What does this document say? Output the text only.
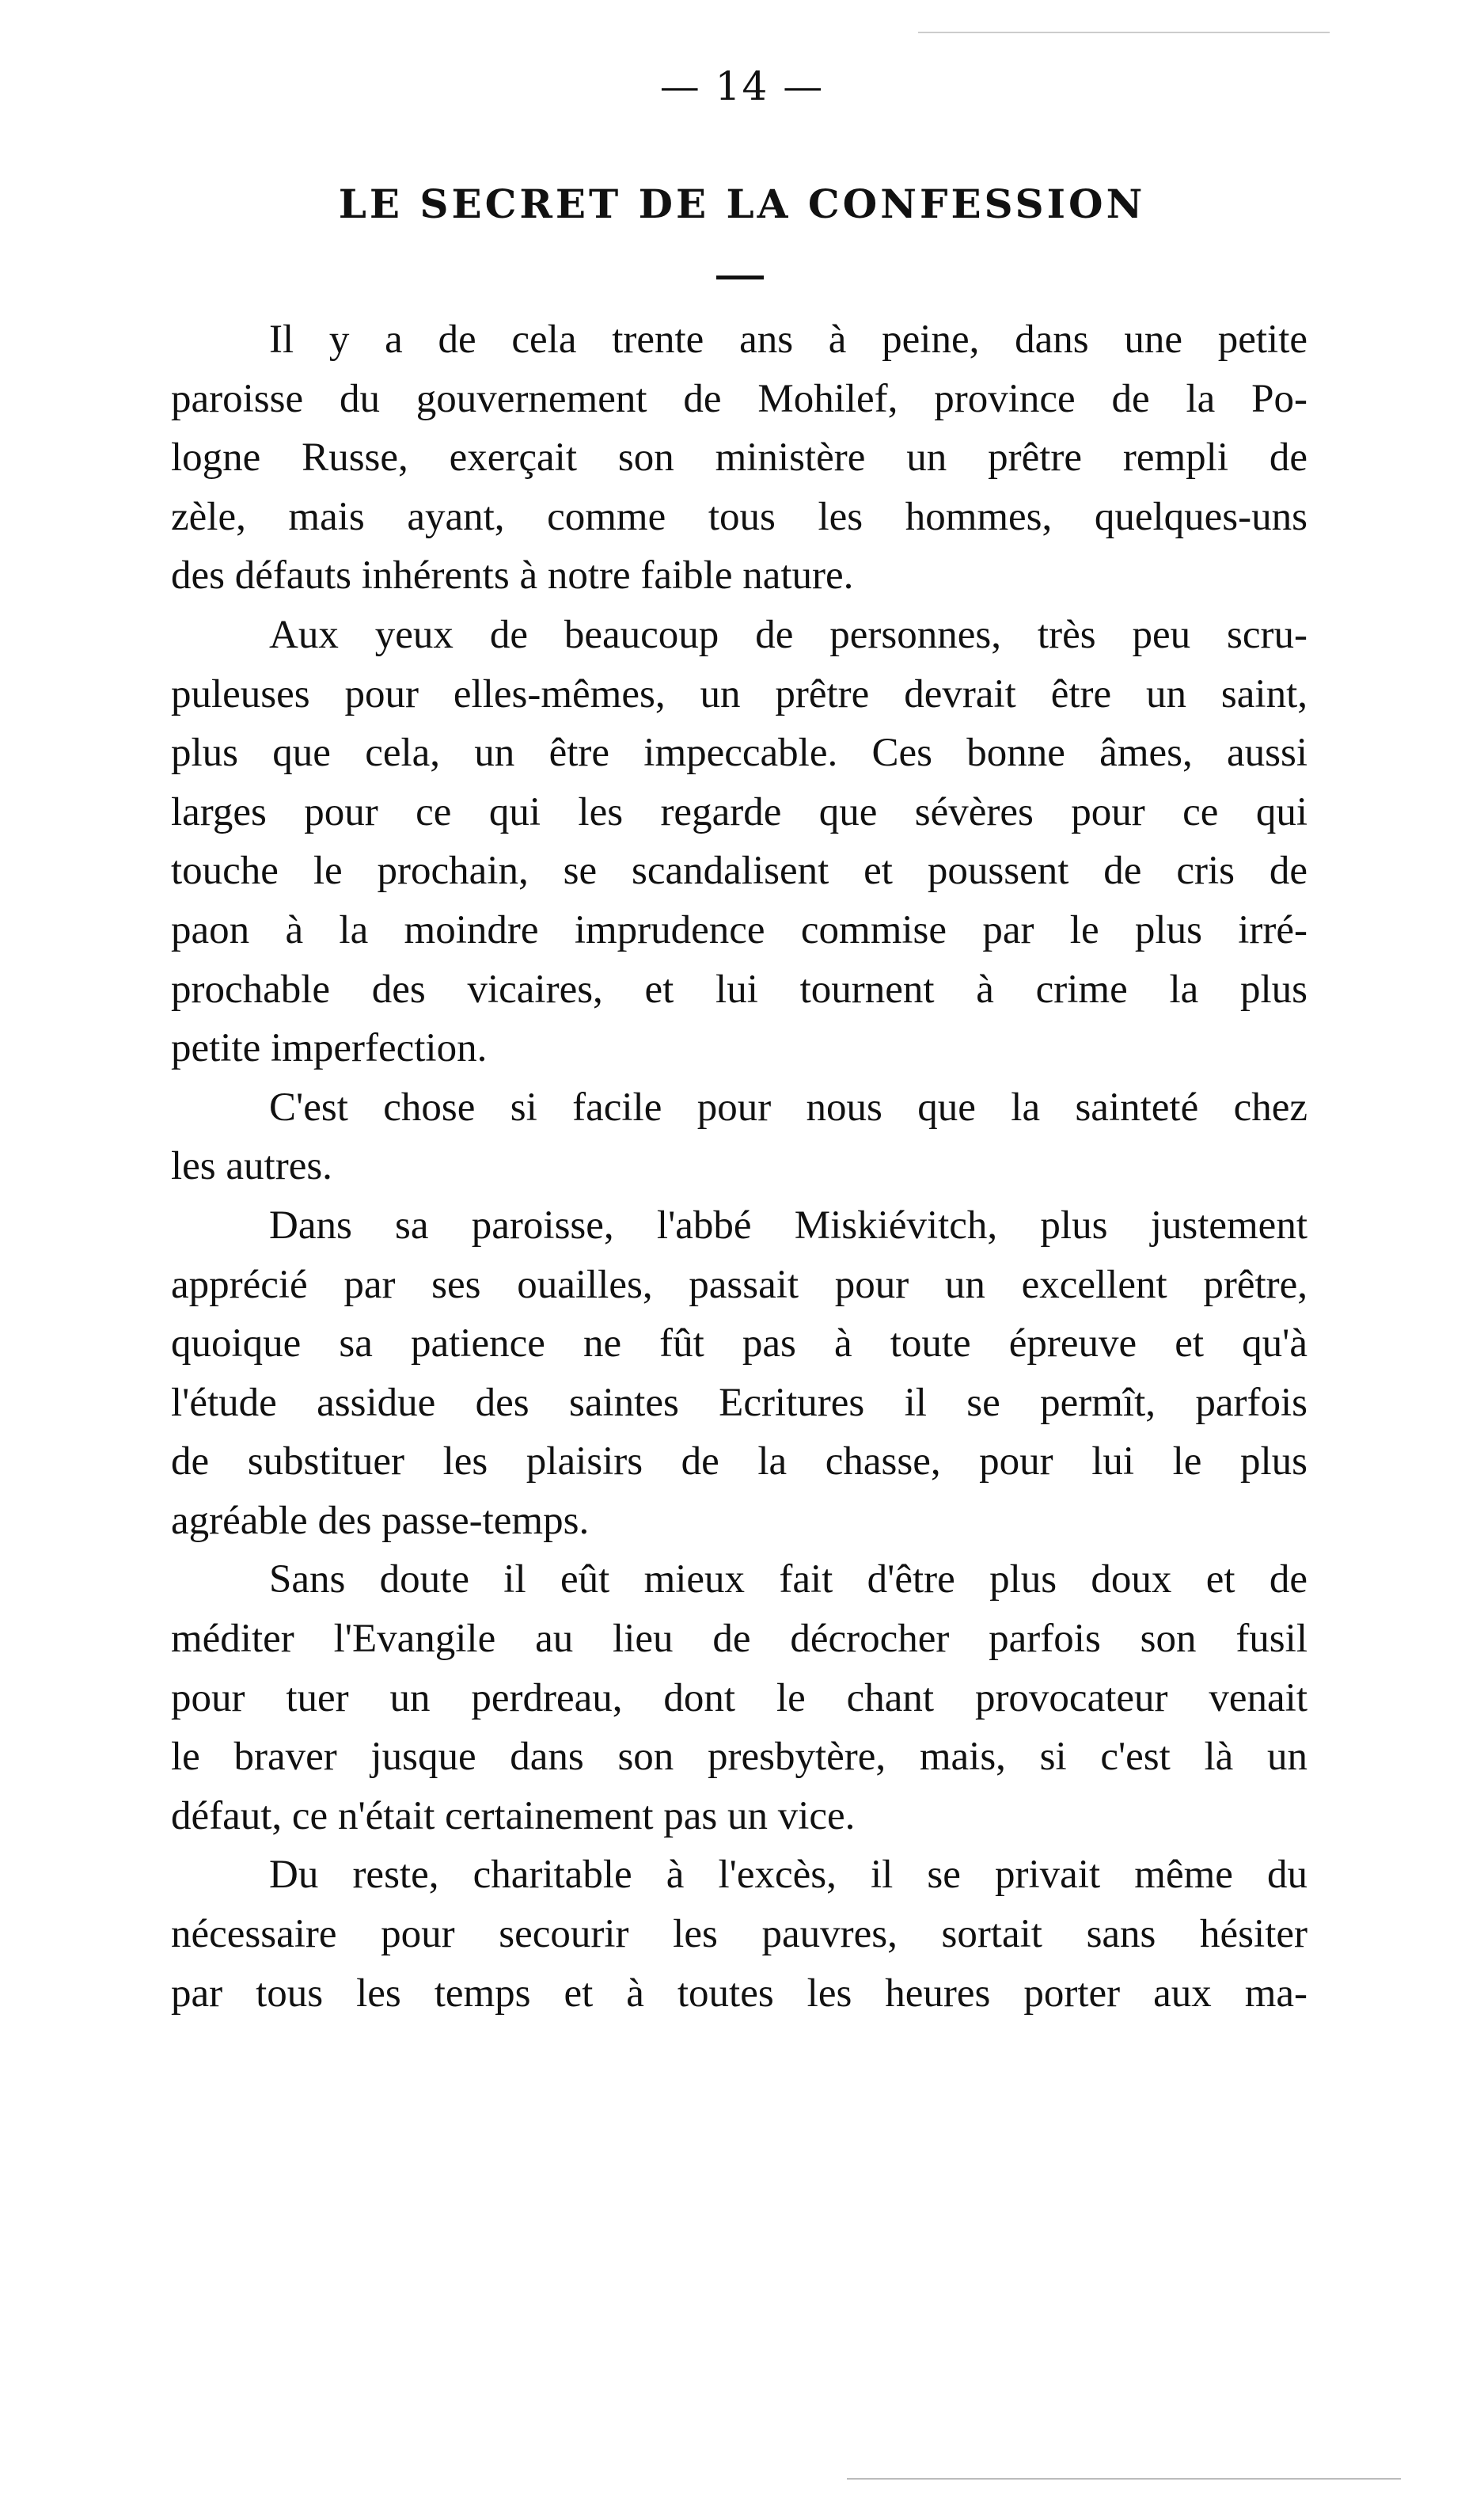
— 14 —
LE SECRET DE LA CONFESSION
Il y a de cela trente ans à peine, dans une petite
paroisse du gouvernement de Mohilef, province de la Po-
logne Russe, exerçait son ministère un prêtre rempli de
zèle, mais ayant, comme tous les hommes, quelques-uns
des défauts inhérents à notre faible nature.
Aux yeux de beaucoup de personnes, très peu scru-
puleuses pour elles-mêmes, un prêtre devrait être un saint,
plus que cela, un être impeccable. Ces bonne âmes, aussi
larges pour ce qui les regarde que sévères pour ce qui
touche le prochain, se scandalisent et poussent de cris de
paon à la moindre imprudence commise par le plus irré-
prochable des vicaires, et lui tournent à crime la plus
petite imperfection.
C'est chose si facile pour nous que la sainteté chez
les autres.
Dans sa paroisse, l'abbé Miskiévitch, plus justement
apprécié par ses ouailles, passait pour un excellent prêtre,
quoique sa patience ne fût pas à toute épreuve et qu'à
l'étude assidue des saintes Ecritures il se permît, parfois
de substituer les plaisirs de la chasse, pour lui le plus
agréable des passe-temps.
Sans doute il eût mieux fait d'être plus doux et de
méditer l'Evangile au lieu de décrocher parfois son fusil
pour tuer un perdreau, dont le chant provocateur venait
le braver jusque dans son presbytère, mais, si c'est là un
défaut, ce n'était certainement pas un vice.
Du reste, charitable à l'excès, il se privait même du
nécessaire pour secourir les pauvres, sortait sans hésiter
par tous les temps et à toutes les heures porter aux ma-
